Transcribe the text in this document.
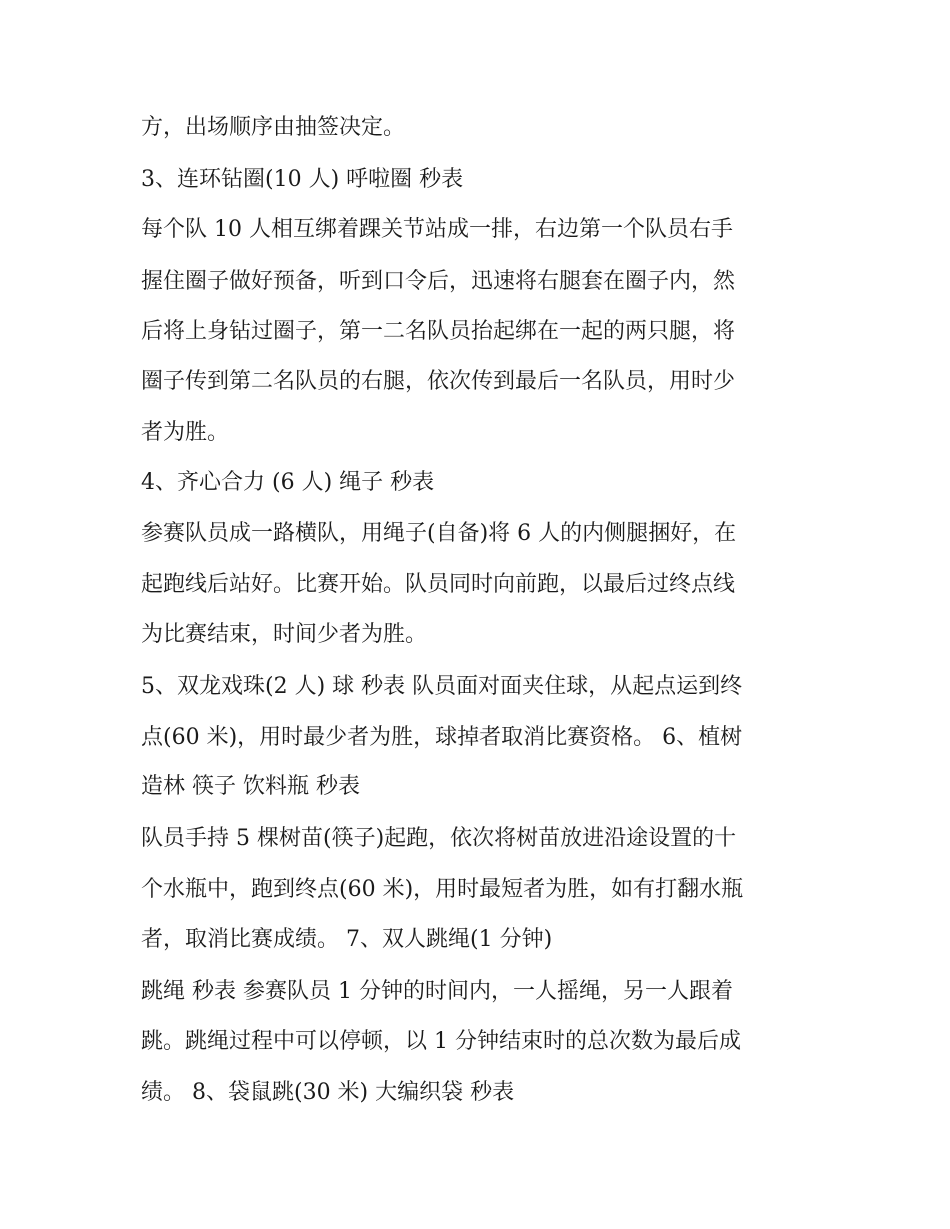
方，出场顺序由抽签决定。
3、连环钻圈(10 人) 呼啦圈 秒表
每个队 10 人相互绑着踝关节站成一排，右边第一个队员右手
握住圈子做好预备，听到口令后，迅速将右腿套在圈子内，然
后将上身钻过圈子，第一二名队员抬起绑在一起的两只腿，将
圈子传到第二名队员的右腿，依次传到最后一名队员，用时少
者为胜。
4、齐心合力 (6 人) 绳子 秒表
参赛队员成一路横队，用绳子(自备)将 6 人的内侧腿捆好，在
起跑线后站好。比赛开始。队员同时向前跑，以最后过终点线
为比赛结束，时间少者为胜。
5、双龙戏珠(2 人) 球 秒表 队员面对面夹住球，从起点运到终
点(60 米)，用时最少者为胜，球掉者取消比赛资格。 6、植树
造林 筷子 饮料瓶 秒表
队员手持 5 棵树苗(筷子)起跑，依次将树苗放进沿途设置的十
个水瓶中，跑到终点(60 米)，用时最短者为胜，如有打翻水瓶
者，取消比赛成绩。 7、双人跳绳(1 分钟)
跳绳 秒表 参赛队员 1 分钟的时间内，一人摇绳，另一人跟着
跳。跳绳过程中可以停顿，以 1 分钟结束时的总次数为最后成
绩。 8、袋鼠跳(30 米) 大编织袋 秒表
